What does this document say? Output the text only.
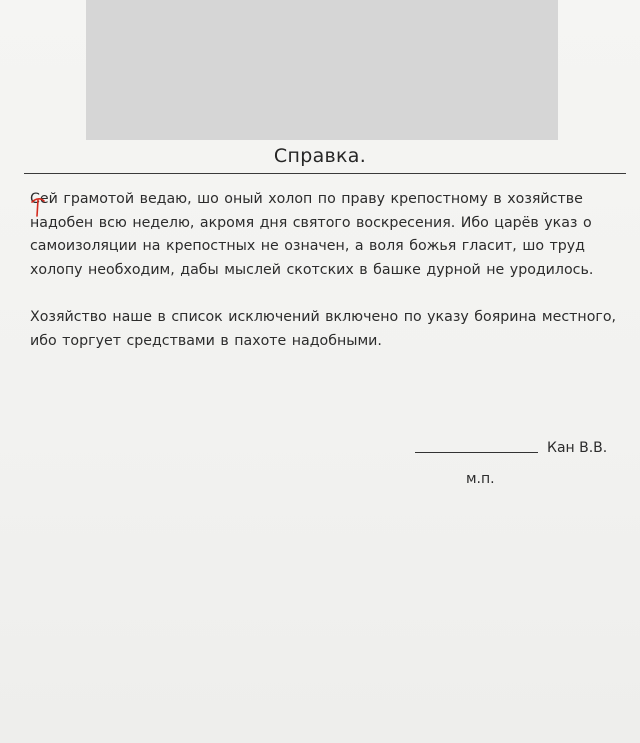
Справка.
Сей грамотой ведаю, шо оный холоп по праву крепостному в хозяйстве
надобен всю неделю, акромя дня святого воскресения. Ибо царёв указ о
самоизоляции на крепостных не означен, а воля божья гласит, шо труд
холопу необходим, дабы мыслей скотских в башке дурной не уродилось.
Хозяйство наше в список исключений включено по указу боярина местного,
ибо торгует средствами в пахоте надобными.
Кан В.В.
м.п.
